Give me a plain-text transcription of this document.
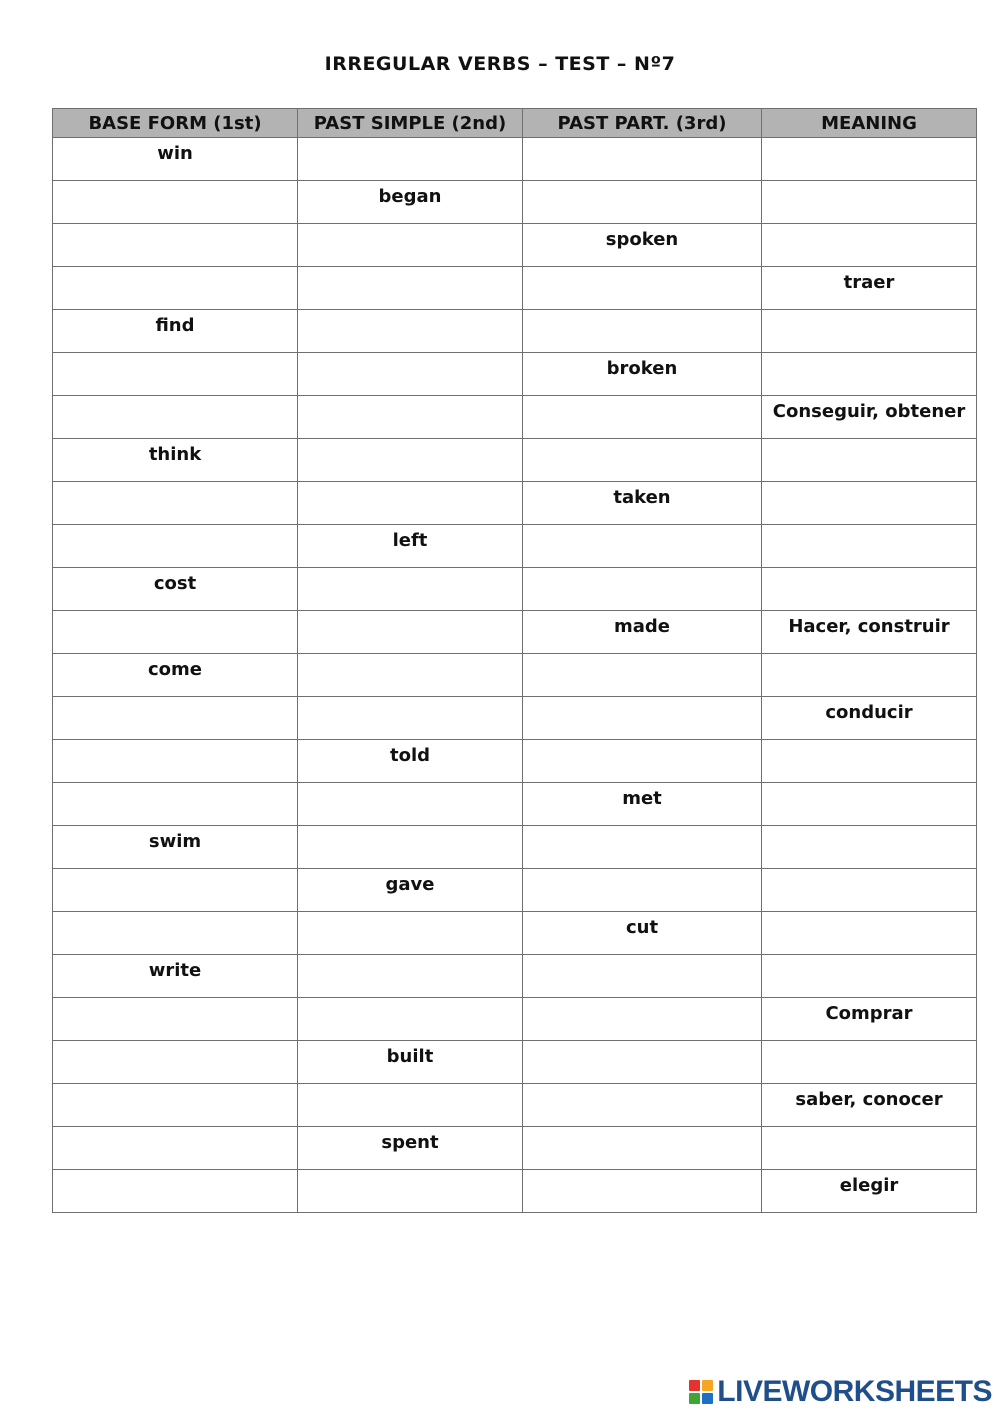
IRREGULAR VERBS – TEST – Nº7
BASE FORM (1st)	PAST SIMPLE (2nd)	PAST PART. (3rd)	MEANING

win			

	began		

		spoken	

			traer

find			

		broken	

			Conseguir, obtener

think			

		taken	

	left		

cost			

		made	Hacer, construir

come			

			conducir

	told		

		met	

swim			

	gave		

		cut	

write			

			Comprar

	built		

			saber, conocer

	spent		

			elegir
LIVEWORKSHEETS
